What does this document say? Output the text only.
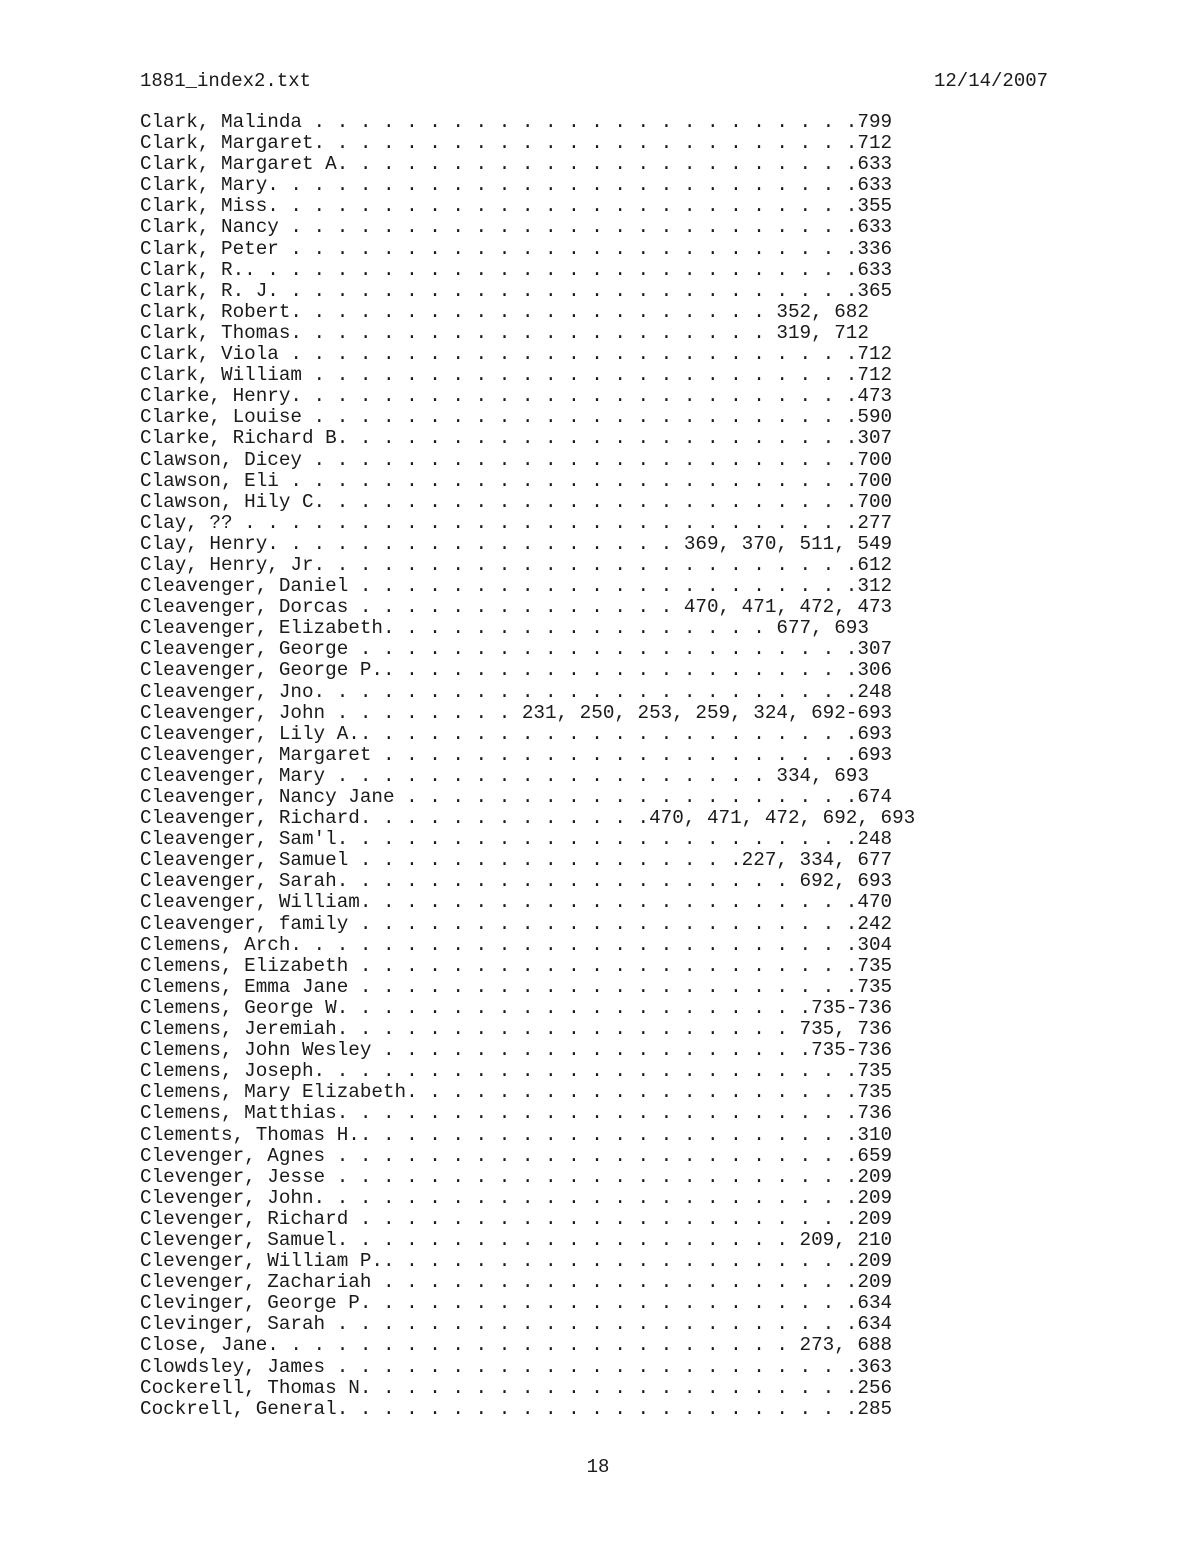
1881_index2.txt	12/14/2007
Clark, Malinda . . . . . . . . . . . . . . . . . . . . . . . .799
Clark, Margaret. . . . . . . . . . . . . . . . . . . . . . . .712
Clark, Margaret A. . . . . . . . . . . . . . . . . . . . . . .633
Clark, Mary. . . . . . . . . . . . . . . . . . . . . . . . . .633
Clark, Miss. . . . . . . . . . . . . . . . . . . . . . . . . .355
Clark, Nancy . . . . . . . . . . . . . . . . . . . . . . . . .633
Clark, Peter . . . . . . . . . . . . . . . . . . . . . . . . .336
Clark, R.. . . . . . . . . . . . . . . . . . . . . . . . . . .633
Clark, R. J. . . . . . . . . . . . . . . . . . . . . . . . . .365
Clark, Robert. . . . . . . . . . . . . . . . . . . . . 352, 682
Clark, Thomas. . . . . . . . . . . . . . . . . . . . . 319, 712
Clark, Viola . . . . . . . . . . . . . . . . . . . . . . . . .712
Clark, William . . . . . . . . . . . . . . . . . . . . . . . .712
Clarke, Henry. . . . . . . . . . . . . . . . . . . . . . . . .473
Clarke, Louise . . . . . . . . . . . . . . . . . . . . . . . .590
Clarke, Richard B. . . . . . . . . . . . . . . . . . . . . . .307
Clawson, Dicey . . . . . . . . . . . . . . . . . . . . . . . .700
Clawson, Eli . . . . . . . . . . . . . . . . . . . . . . . . .700
Clawson, Hily C. . . . . . . . . . . . . . . . . . . . . . . .700
Clay, ?? . . . . . . . . . . . . . . . . . . . . . . . . . . .277
Clay, Henry. . . . . . . . . . . . . . . . . . 369, 370, 511, 549
Clay, Henry, Jr. . . . . . . . . . . . . . . . . . . . . . . .612
Cleavenger, Daniel . . . . . . . . . . . . . . . . . . . . . .312
Cleavenger, Dorcas . . . . . . . . . . . . . . 470, 471, 472, 473
Cleavenger, Elizabeth. . . . . . . . . . . . . . . . . 677, 693
Cleavenger, George . . . . . . . . . . . . . . . . . . . . . .307
Cleavenger, George P.. . . . . . . . . . . . . . . . . . . . .306
Cleavenger, Jno. . . . . . . . . . . . . . . . . . . . . . . .248
Cleavenger, John . . . . . . . . 231, 250, 253, 259, 324, 692-693
Cleavenger, Lily A.. . . . . . . . . . . . . . . . . . . . . .693
Cleavenger, Margaret . . . . . . . . . . . . . . . . . . . . .693
Cleavenger, Mary . . . . . . . . . . . . . . . . . . . 334, 693
Cleavenger, Nancy Jane . . . . . . . . . . . . . . . . . . . .674
Cleavenger, Richard. . . . . . . . . . . . .470, 471, 472, 692, 693
Cleavenger, Sam'l. . . . . . . . . . . . . . . . . . . . . . .248
Cleavenger, Samuel . . . . . . . . . . . . . . . . .227, 334, 677
Cleavenger, Sarah. . . . . . . . . . . . . . . . . . . . 692, 693
Cleavenger, William. . . . . . . . . . . . . . . . . . . . . .470
Cleavenger, family . . . . . . . . . . . . . . . . . . . . . .242
Clemens, Arch. . . . . . . . . . . . . . . . . . . . . . . . .304
Clemens, Elizabeth . . . . . . . . . . . . . . . . . . . . . .735
Clemens, Emma Jane . . . . . . . . . . . . . . . . . . . . . .735
Clemens, George W. . . . . . . . . . . . . . . . . . . . .735-736
Clemens, Jeremiah. . . . . . . . . . . . . . . . . . . . 735, 736
Clemens, John Wesley . . . . . . . . . . . . . . . . . . .735-736
Clemens, Joseph. . . . . . . . . . . . . . . . . . . . . . . .735
Clemens, Mary Elizabeth. . . . . . . . . . . . . . . . . . . .735
Clemens, Matthias. . . . . . . . . . . . . . . . . . . . . . .736
Clements, Thomas H.. . . . . . . . . . . . . . . . . . . . . .310
Clevenger, Agnes . . . . . . . . . . . . . . . . . . . . . . .659
Clevenger, Jesse . . . . . . . . . . . . . . . . . . . . . . .209
Clevenger, John. . . . . . . . . . . . . . . . . . . . . . . .209
Clevenger, Richard . . . . . . . . . . . . . . . . . . . . . .209
Clevenger, Samuel. . . . . . . . . . . . . . . . . . . . 209, 210
Clevenger, William P.. . . . . . . . . . . . . . . . . . . . .209
Clevenger, Zachariah . . . . . . . . . . . . . . . . . . . . .209
Clevinger, George P. . . . . . . . . . . . . . . . . . . . . .634
Clevinger, Sarah . . . . . . . . . . . . . . . . . . . . . . .634
Close, Jane. . . . . . . . . . . . . . . . . . . . . . . 273, 688
Clowdsley, James . . . . . . . . . . . . . . . . . . . . . . .363
Cockerell, Thomas N. . . . . . . . . . . . . . . . . . . . . .256
Cockrell, General. . . . . . . . . . . . . . . . . . . . . . .285
18
